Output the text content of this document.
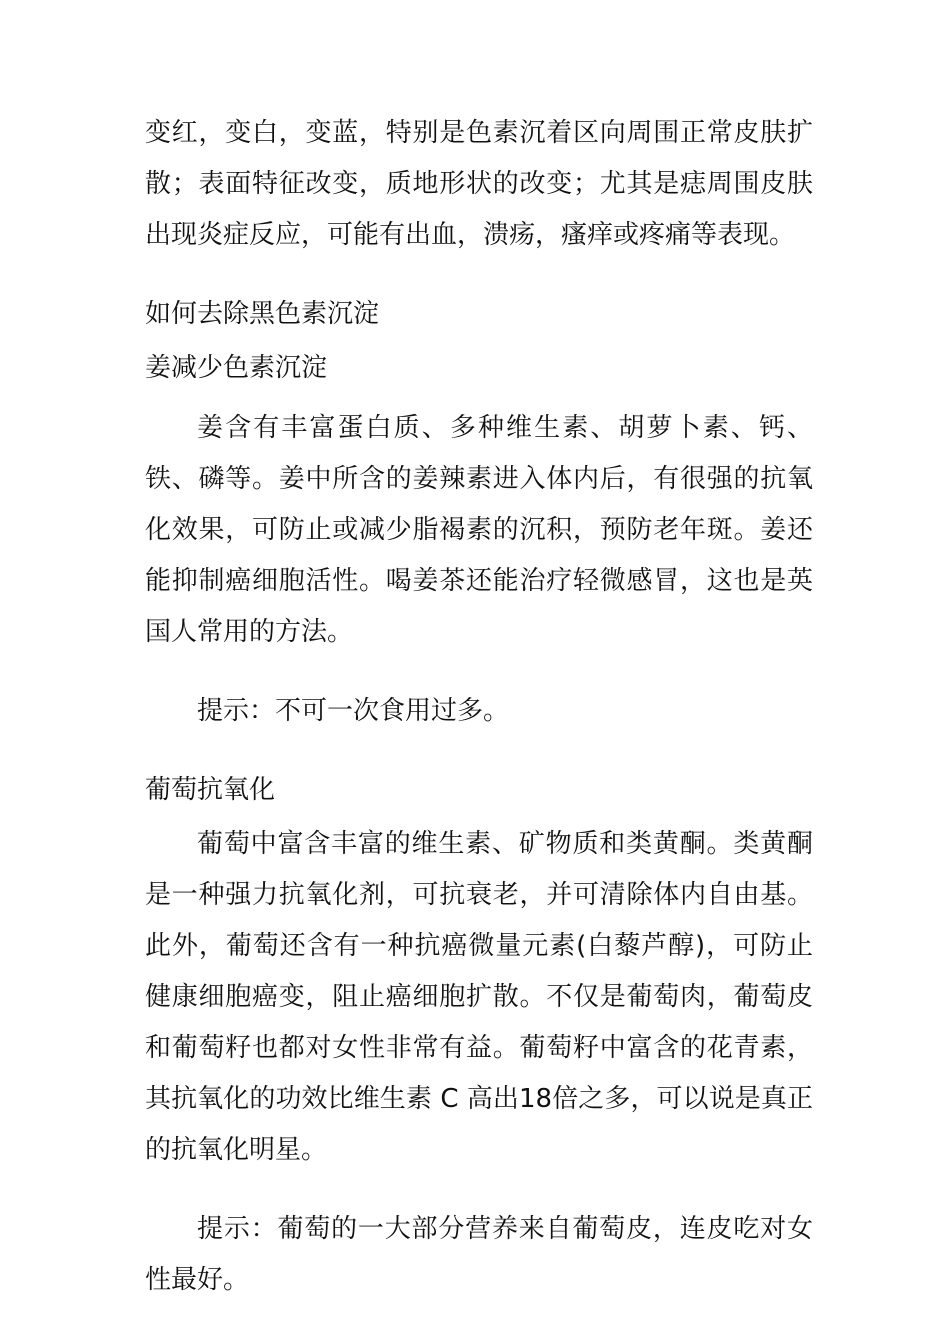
变红，变白，变蓝，特别是色素沉着区向周围正常皮肤扩散；表面特征改变，质地形状的改变；尤其是痣周围皮肤出现炎症反应，可能有出血，溃疡，瘙痒或疼痛等表现。

如何去除黑色素沉淀

姜减少色素沉淀

姜含有丰富蛋白质、多种维生素、胡萝卜素、钙、铁、磷等。姜中所含的姜辣素进入体内后，有很强的抗氧化效果，可防止或减少脂褐素的沉积，预防老年斑。姜还能抑制癌细胞活性。喝姜茶还能治疗轻微感冒，这也是英国人常用的方法。

提示：不可一次食用过多。

葡萄抗氧化

葡萄中富含丰富的维生素、矿物质和类黄酮。类黄酮是一种强力抗氧化剂，可抗衰老，并可清除体内自由基。此外，葡萄还含有一种抗癌微量元素(白藜芦醇)，可防止健康细胞癌变，阻止癌细胞扩散。不仅是葡萄肉，葡萄皮和葡萄籽也都对女性非常有益。葡萄籽中富含的花青素，其抗氧化的功效比维生素 C 高出18倍之多，可以说是真正的抗氧化明星。

提示：葡萄的一大部分营养来自葡萄皮，连皮吃对女性最好。
